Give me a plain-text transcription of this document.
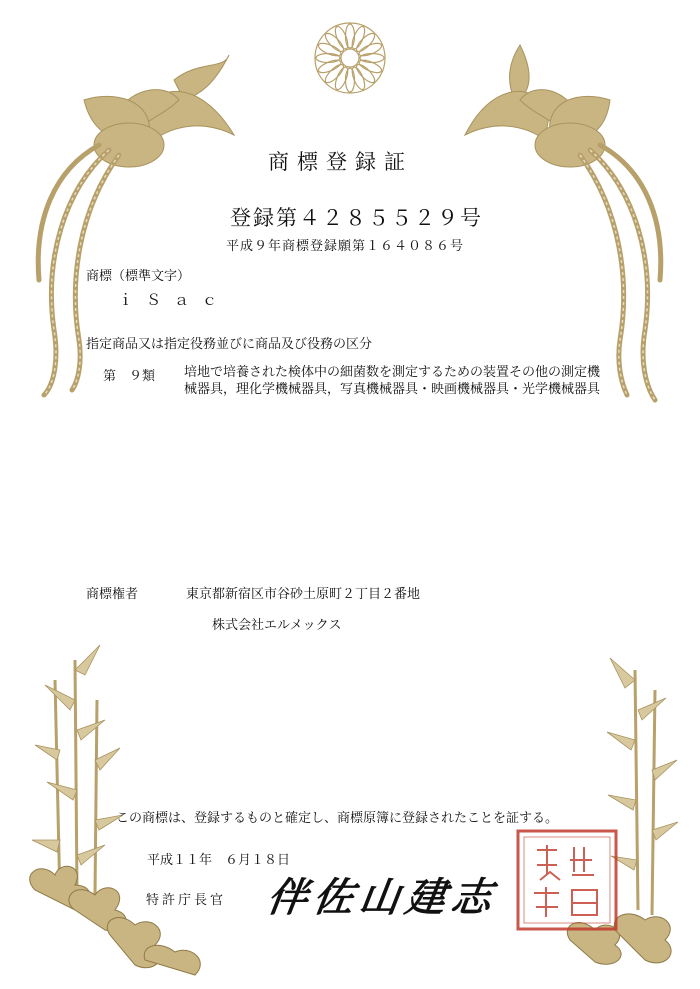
商標登録証
登録第４２８５５２９号
平成９年商標登録願第１６４０８６号
商標（標準文字）
ｉ Ｓ ａ ｃ
指定商品又は指定役務並びに商品及び役務の区分
第　９類 培地で培養された検体中の細菌数を測定するための装置その他の測定機械器具，理化学機械器具，写真機械器具・映画機械器具・光学機械器具
商標権者	東京都新宿区市谷砂土原町２丁目２番地
株式会社エルメックス
この商標は、登録するものと確定し、商標原簿に登録されたことを証する。
平成１１年　６月１８日
特許庁長官 伴佐山建志
